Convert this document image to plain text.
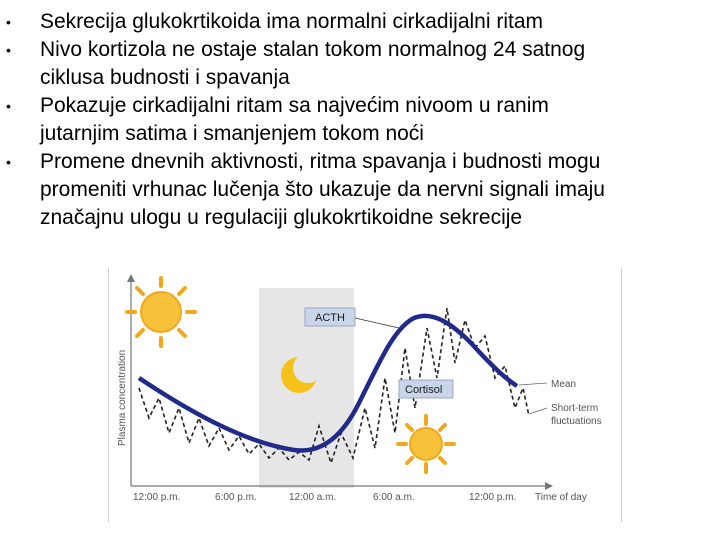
• Sekrecija glukokrtikoida ima normalni cirkadijalni ritam

• Nivo kortizola ne ostaje stalan tokom normalnog 24 satnog
ciklusa budnosti i spavanja

• Pokazuje cirkadijalni ritam sa najvećim nivoom u ranim
jutarnjim satima i smanjenjem tokom noći

• Promene dnevnih aktivnosti, ritma spavanja i budnosti mogu
promeniti vrhunac lučenja što ukazuje da nervni signali imaju
značajnu ulogu u regulaciji glukokrtikoidne sekrecije

Plasma concentration
ACTH
Cortisol	Mean
Short-term
fluctuations
12:00 p.m.	6:00 p.m.	12:00 a.m.	6:00 a.m.	12:00 p.m. Time of day
